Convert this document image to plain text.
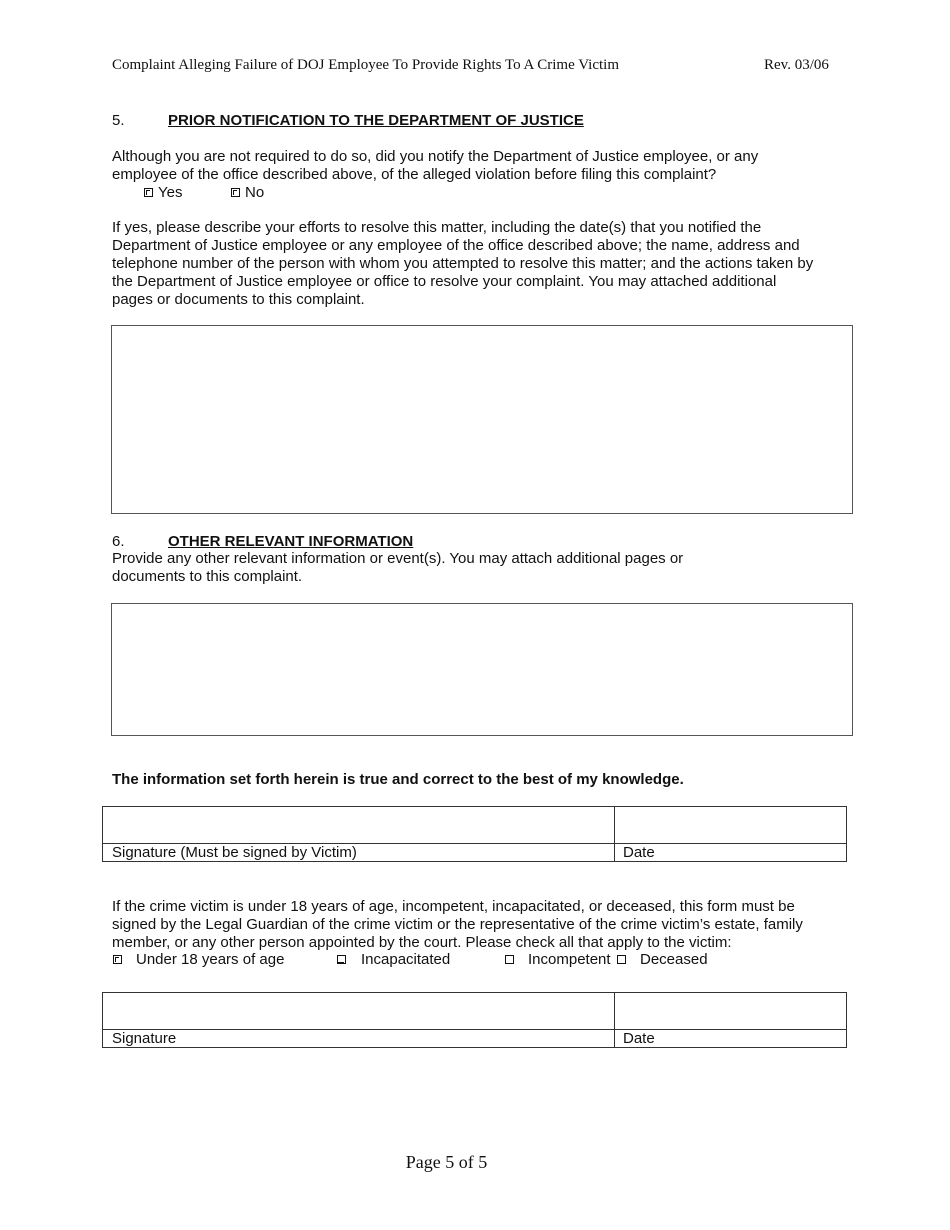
Complaint Alleging Failure of DOJ Employee To Provide Rights To A Crime Victim	Rev. 03/06
5.	PRIOR NOTIFICATION TO THE DEPARTMENT OF JUSTICE
Although you are not required to do so, did you notify the Department of Justice employee, or any
employee of the office described above, of the alleged violation before filing this complaint?
Yes	No
If yes, please describe your efforts to resolve this matter, including the date(s) that you notified the
Department of Justice employee or any employee of the office described above; the name, address and
telephone number of the person with whom you attempted to resolve this matter; and the actions taken by
the Department of Justice employee or office to resolve your complaint. You may attached additional
pages or documents to this complaint.
6.	OTHER RELEVANT INFORMATION
Provide any other relevant information or event(s). You may attach additional pages or
documents to this complaint.
The information set forth herein is true and correct to the best of my knowledge.
Signature (Must be signed by Victim)	Date
If the crime victim is under 18 years of age, incompetent, incapacitated, or deceased, this form must be
signed by the Legal Guardian of the crime victim or the representative of the crime victim’s estate, family
member, or any other person appointed by the court. Please check all that apply to the victim:
Under 18 years of age	Incapacitated	Incompetent Deceased
Signature	Date
Page 5 of 5
